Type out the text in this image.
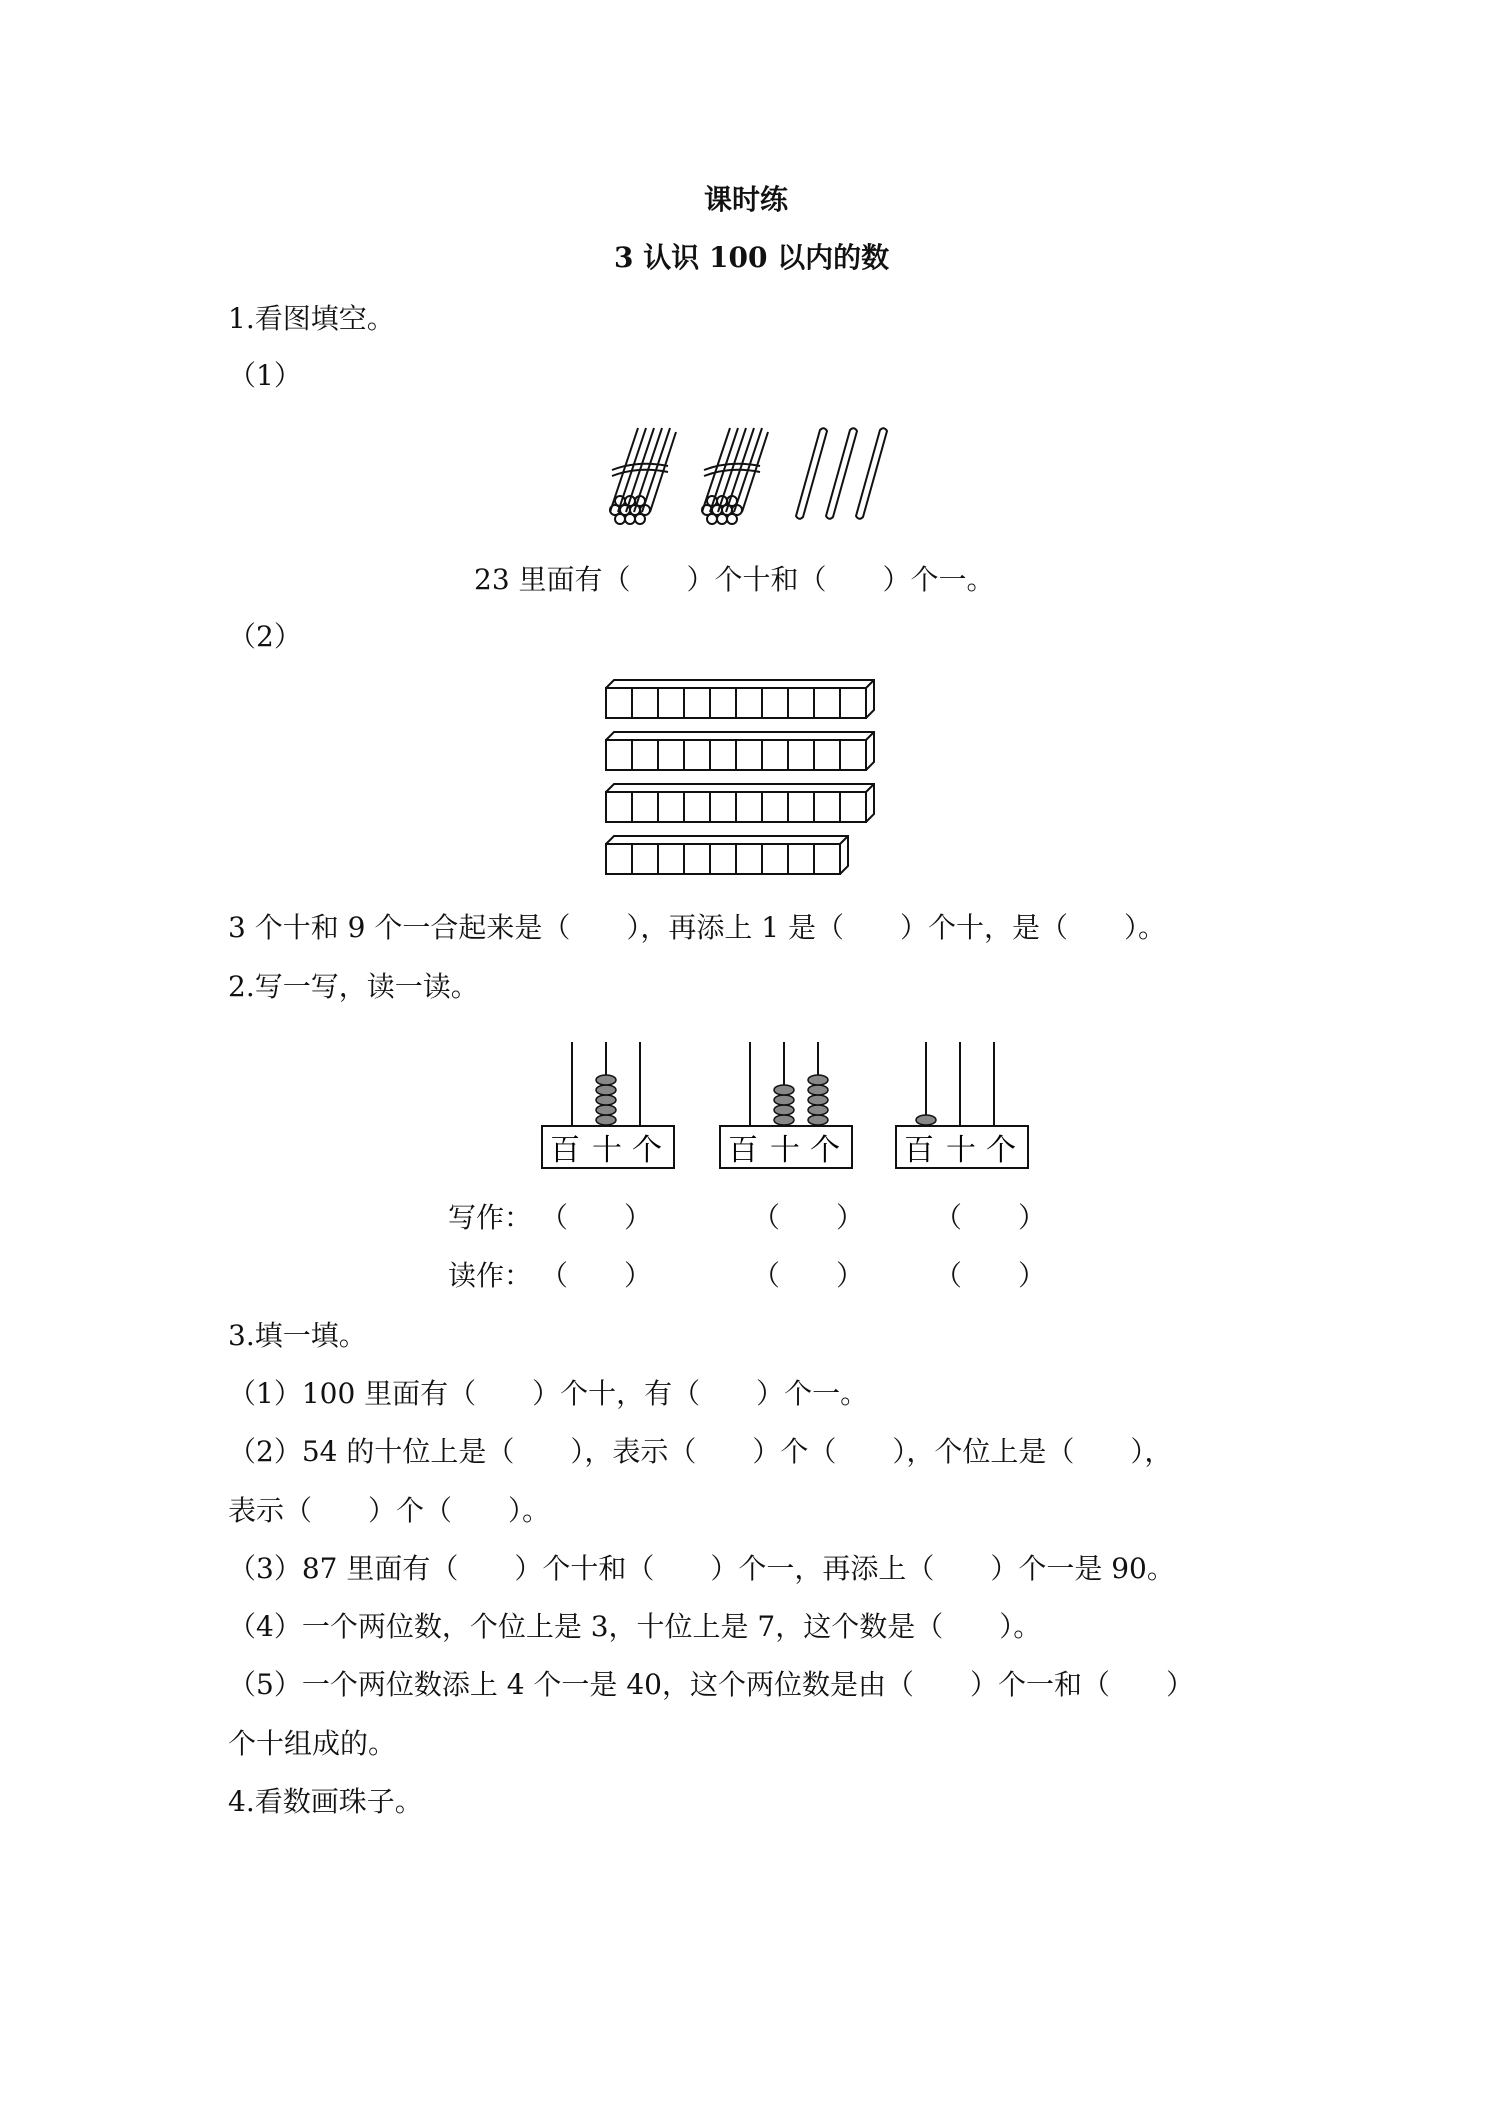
课时练
3 认识 100 以内的数
1.看图填空。
（1）
23 里面有（　　）个十和（　　）个一。
（2）
3 个十和 9 个一合起来是（　　），再添上 1 是（　　）个十，是（　　）。
2.写一写，读一读。
百 十 个 百 十 个 百 十 个
写作： （　　）	（　　） （　　）
读作： （　　）	（　　） （　　）
3.填一填。
（1）100 里面有（　　）个十，有（　　）个一。
（2）54 的十位上是（　　），表示（　　）个（　　），个位上是（　　），
表示（　　）个（　　）。
（3）87 里面有（　　）个十和（　　）个一，再添上（　　）个一是 90。
（4）一个两位数，个位上是 3，十位上是 7，这个数是（　　）。
（5）一个两位数添上 4 个一是 40，这个两位数是由（　　）个一和（　　）
个十组成的。
4.看数画珠子。
